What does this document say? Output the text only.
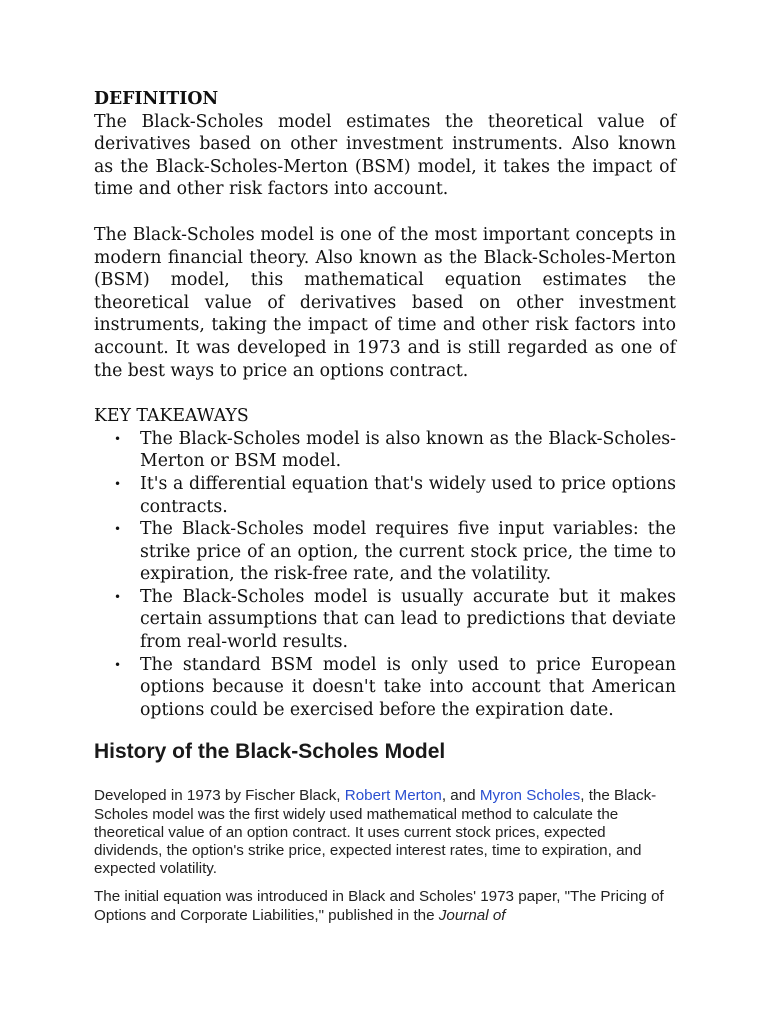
DEFINITION

The Black-Scholes model estimates the theoretical value of derivatives based on other investment instruments. Also known as the Black-Scholes-Merton (BSM) model, it takes the impact of time and other risk factors into account.

The Black-Scholes model is one of the most important concepts in modern financial theory. Also known as the Black-Scholes-Merton (BSM) model, this mathematical equation estimates the theoretical value of derivatives based on other investment instruments, taking the impact of time and other risk factors into account. It was developed in 1973 and is still regarded as one of the best ways to price an options contract.

KEY TAKEAWAYS

• The Black-Scholes model is also known as the Black-Scholes-Merton or BSM model.
• It's a differential equation that's widely used to price options contracts.
• The Black-Scholes model requires five input variables: the strike price of an option, the current stock price, the time to expiration, the risk-free rate, and the volatility.
• The Black-Scholes model is usually accurate but it makes certain assumptions that can lead to predictions that deviate from real-world results.
• The standard BSM model is only used to price European options because it doesn't take into account that American options could be exercised before the expiration date.
History of the Black-Scholes Model

Developed in 1973 by Fischer Black, Robert Merton, and Myron Scholes, the Black-Scholes model was the first widely used mathematical method to calculate the theoretical value of an option contract. It uses current stock prices, expected dividends, the option's strike price, expected interest rates, time to expiration, and expected volatility.

The initial equation was introduced in Black and Scholes' 1973 paper, "The Pricing of Options and Corporate Liabilities," published in the Journal of
